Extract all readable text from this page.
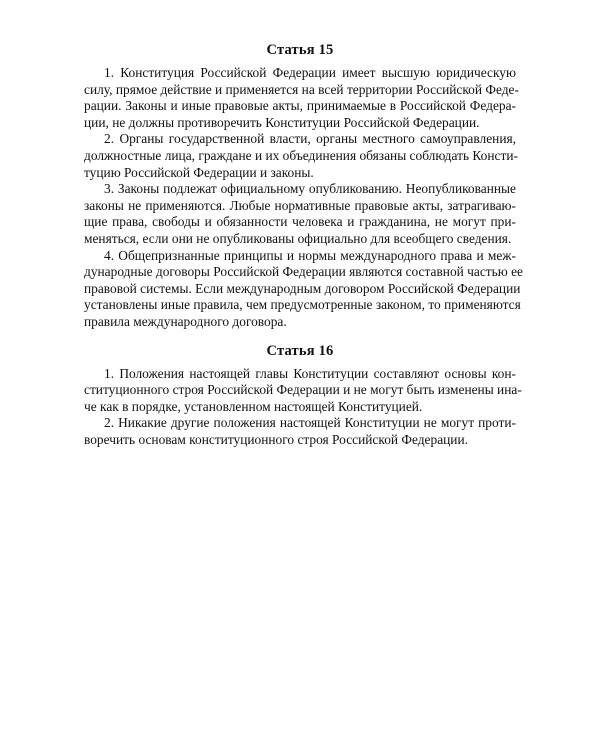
Статья 15

1. Конституция Российской Федерации имеет высшую юридическую
силу, прямое действие и применяется на всей территории Российской Феде-
рации. Законы и иные правовые акты, принимаемые в Российской Федера-
ции, не должны противоречить Конституции Российской Федерации.

2. Органы государственной власти, органы местного самоуправления,
должностные лица, граждане и их объединения обязаны соблюдать Консти-
туцию Российской Федерации и законы.

3. Законы подлежат официальному опубликованию. Неопубликованные
законы не применяются. Любые нормативные правовые акты, затрагиваю-
щие права, свободы и обязанности человека и гражданина, не могут при-
меняться, если они не опубликованы официально для всеобщего сведения.

4. Общепризнанные принципы и нормы международного права и меж-
дународные договоры Российской Федерации являются составной частью ее
правовой системы. Если международным договором Российской Федерации
установлены иные правила, чем предусмотренные законом, то применяются
правила международного договора.

Статья 16

1. Положения настоящей главы Конституции составляют основы кон-
ституционного строя Российской Федерации и не могут быть изменены ина-
че как в порядке, установленном настоящей Конституцией.

2. Никакие другие положения настоящей Конституции не могут проти-
воречить основам конституционного строя Российской Федерации.
